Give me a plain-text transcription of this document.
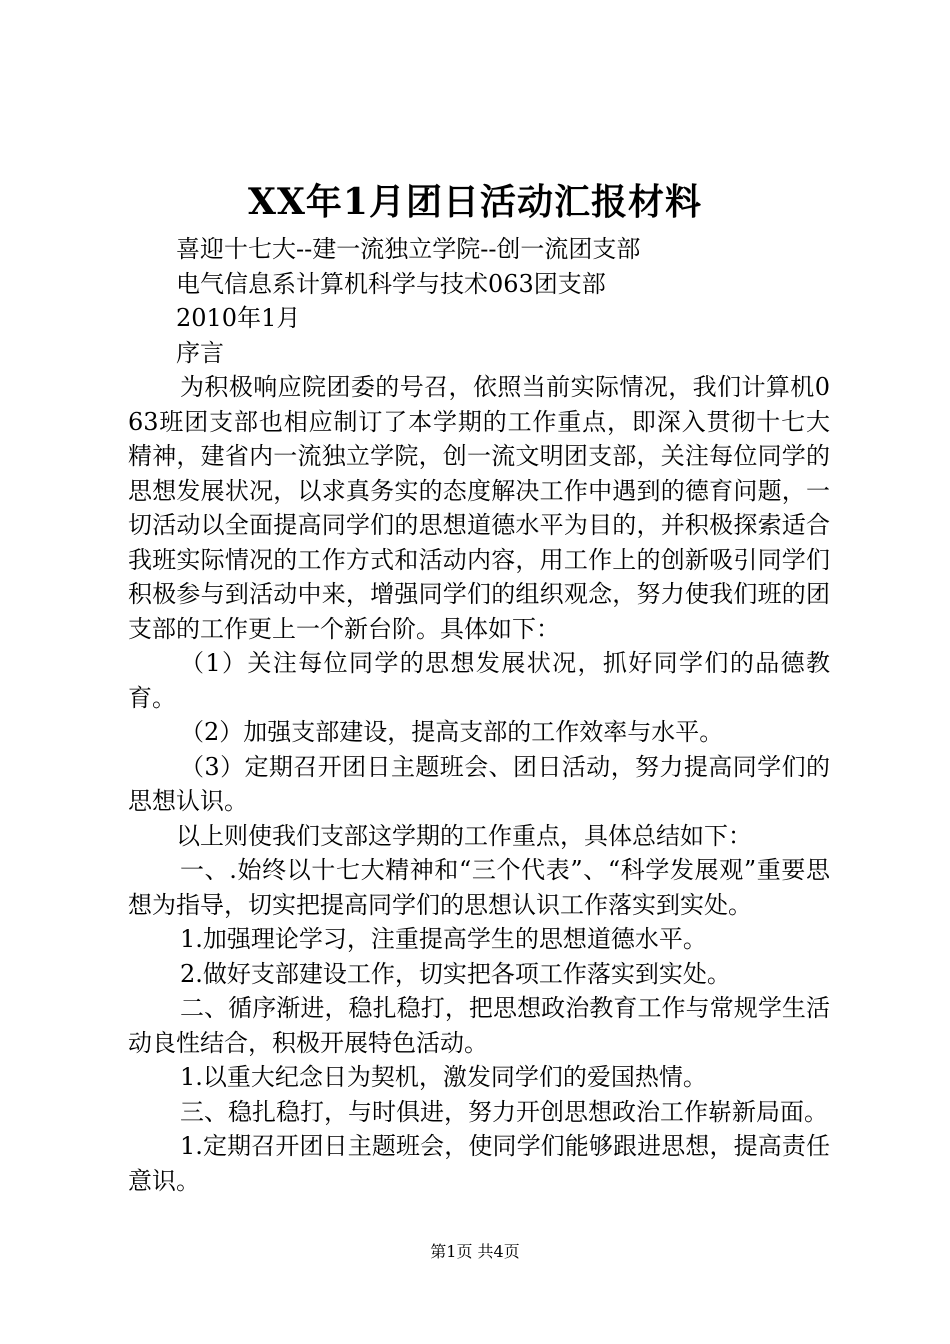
XX年1月团日活动汇报材料

喜迎十七大--建一流独立学院--创一流团支部

电气信息系计算机科学与技术063团支部

2010年1月

序言

为积极响应院团委的号召，依照当前实际情况，我们计算机063班团支部也相应制订了本学期的工作重点，即深入贯彻十七大精神，建省内一流独立学院，创一流文明团支部，关注每位同学的思想发展状况，以求真务实的态度解决工作中遇到的德育问题，一切活动以全面提高同学们的思想道德水平为目的，并积极探索适合我班实际情况的工作方式和活动内容，用工作上的创新吸引同学们积极参与到活动中来，增强同学们的组织观念，努力使我们班的团支部的工作更上一个新台阶。具体如下：

（1）关注每位同学的思想发展状况，抓好同学们的品德教育。

（2）加强支部建设，提高支部的工作效率与水平。

（3）定期召开团日主题班会、团日活动，努力提高同学们的思想认识。

以上则使我们支部这学期的工作重点，具体总结如下：

一、.始终以十七大精神和“三个代表”、“科学发展观”重要思想为指导，切实把提高同学们的思想认识工作落实到实处。

1.加强理论学习，注重提高学生的思想道德水平。

2.做好支部建设工作，切实把各项工作落实到实处。

二、循序渐进，稳扎稳打，把思想政治教育工作与常规学生活动良性结合，积极开展特色活动。

1.以重大纪念日为契机，激发同学们的爱国热情。

三、稳扎稳打，与时俱进，努力开创思想政治工作崭新局面。

1.定期召开团日主题班会，使同学们能够跟进思想，提高责任意识。

第1页 共4页
